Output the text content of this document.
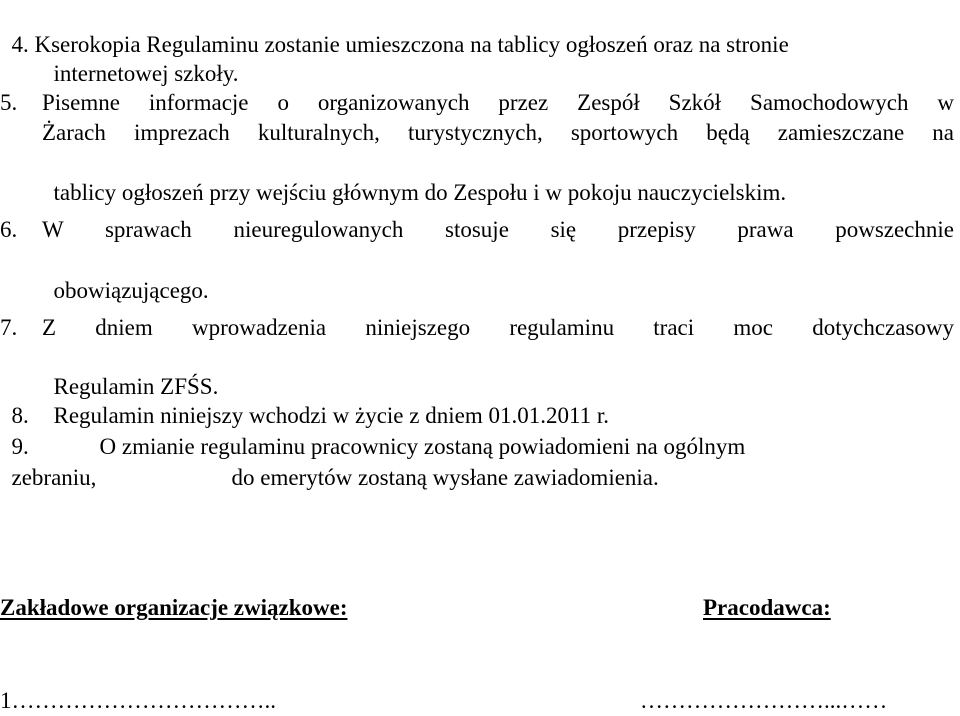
4. Kserokopia Regulaminu zostanie umieszczona na tablicy ogłoszeń oraz na stronie

internetowej szkoły.

5. Pisemne informacje o organizowanych przez Zespół Szkół Samochodowych w
Żarach imprezach kulturalnych, turystycznych, sportowych będą zamieszczane na

tablicy ogłoszeń przy wejściu głównym do Zespołu i w pokoju nauczycielskim.

6. W sprawach nieuregulowanych stosuje się przepisy prawa powszechnie

obowiązującego.

7. Z dniem wprowadzenia niniejszego regulaminu traci moc dotychczasowy

Regulamin ZFŚS.

8. Regulamin niniejszy wchodzi w życie z dniem 01.01.2011 r.

9.	O zmianie regulaminu pracownicy zostaną powiadomieni na ogólnym

zebraniu,	do emerytów zostaną wysłane zawiadomienia.

Zakładowe organizacje związkowe:	Pracodawca:
1……………………………..	……………………...……
